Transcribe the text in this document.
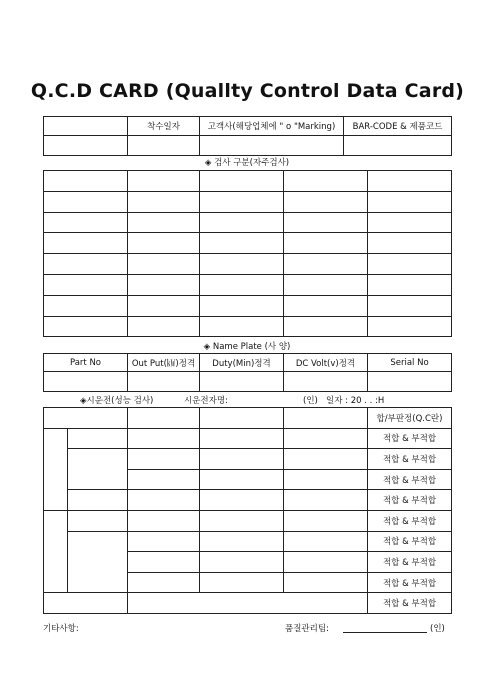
Q.C.D CARD (Quallty Control Data Card)
	착수일자	고객사(해당업체에 " o "Marking)	BAR-CODE & 제품코드

◈ 검사 구분(자주검사)

◈ Name Plate (사 양)
Part No	Out Put(㎾)정격	Duty(Min)정격	DC Volt(v)정격	Serial No

◈시운전(성능 검사)	시운전자명:	(인) 일자 : 20 . . :H
					합/부판정(Q.C란)
					적합 & 부적합
					적합 & 부적합
					적합 & 부적합
					적합 & 부적합
					적합 & 부적합
					적합 & 부적합
					적합 & 부적합
					적합 & 부적합
					적합 & 부적합
기타사항:	품질관리팀:	(인)
